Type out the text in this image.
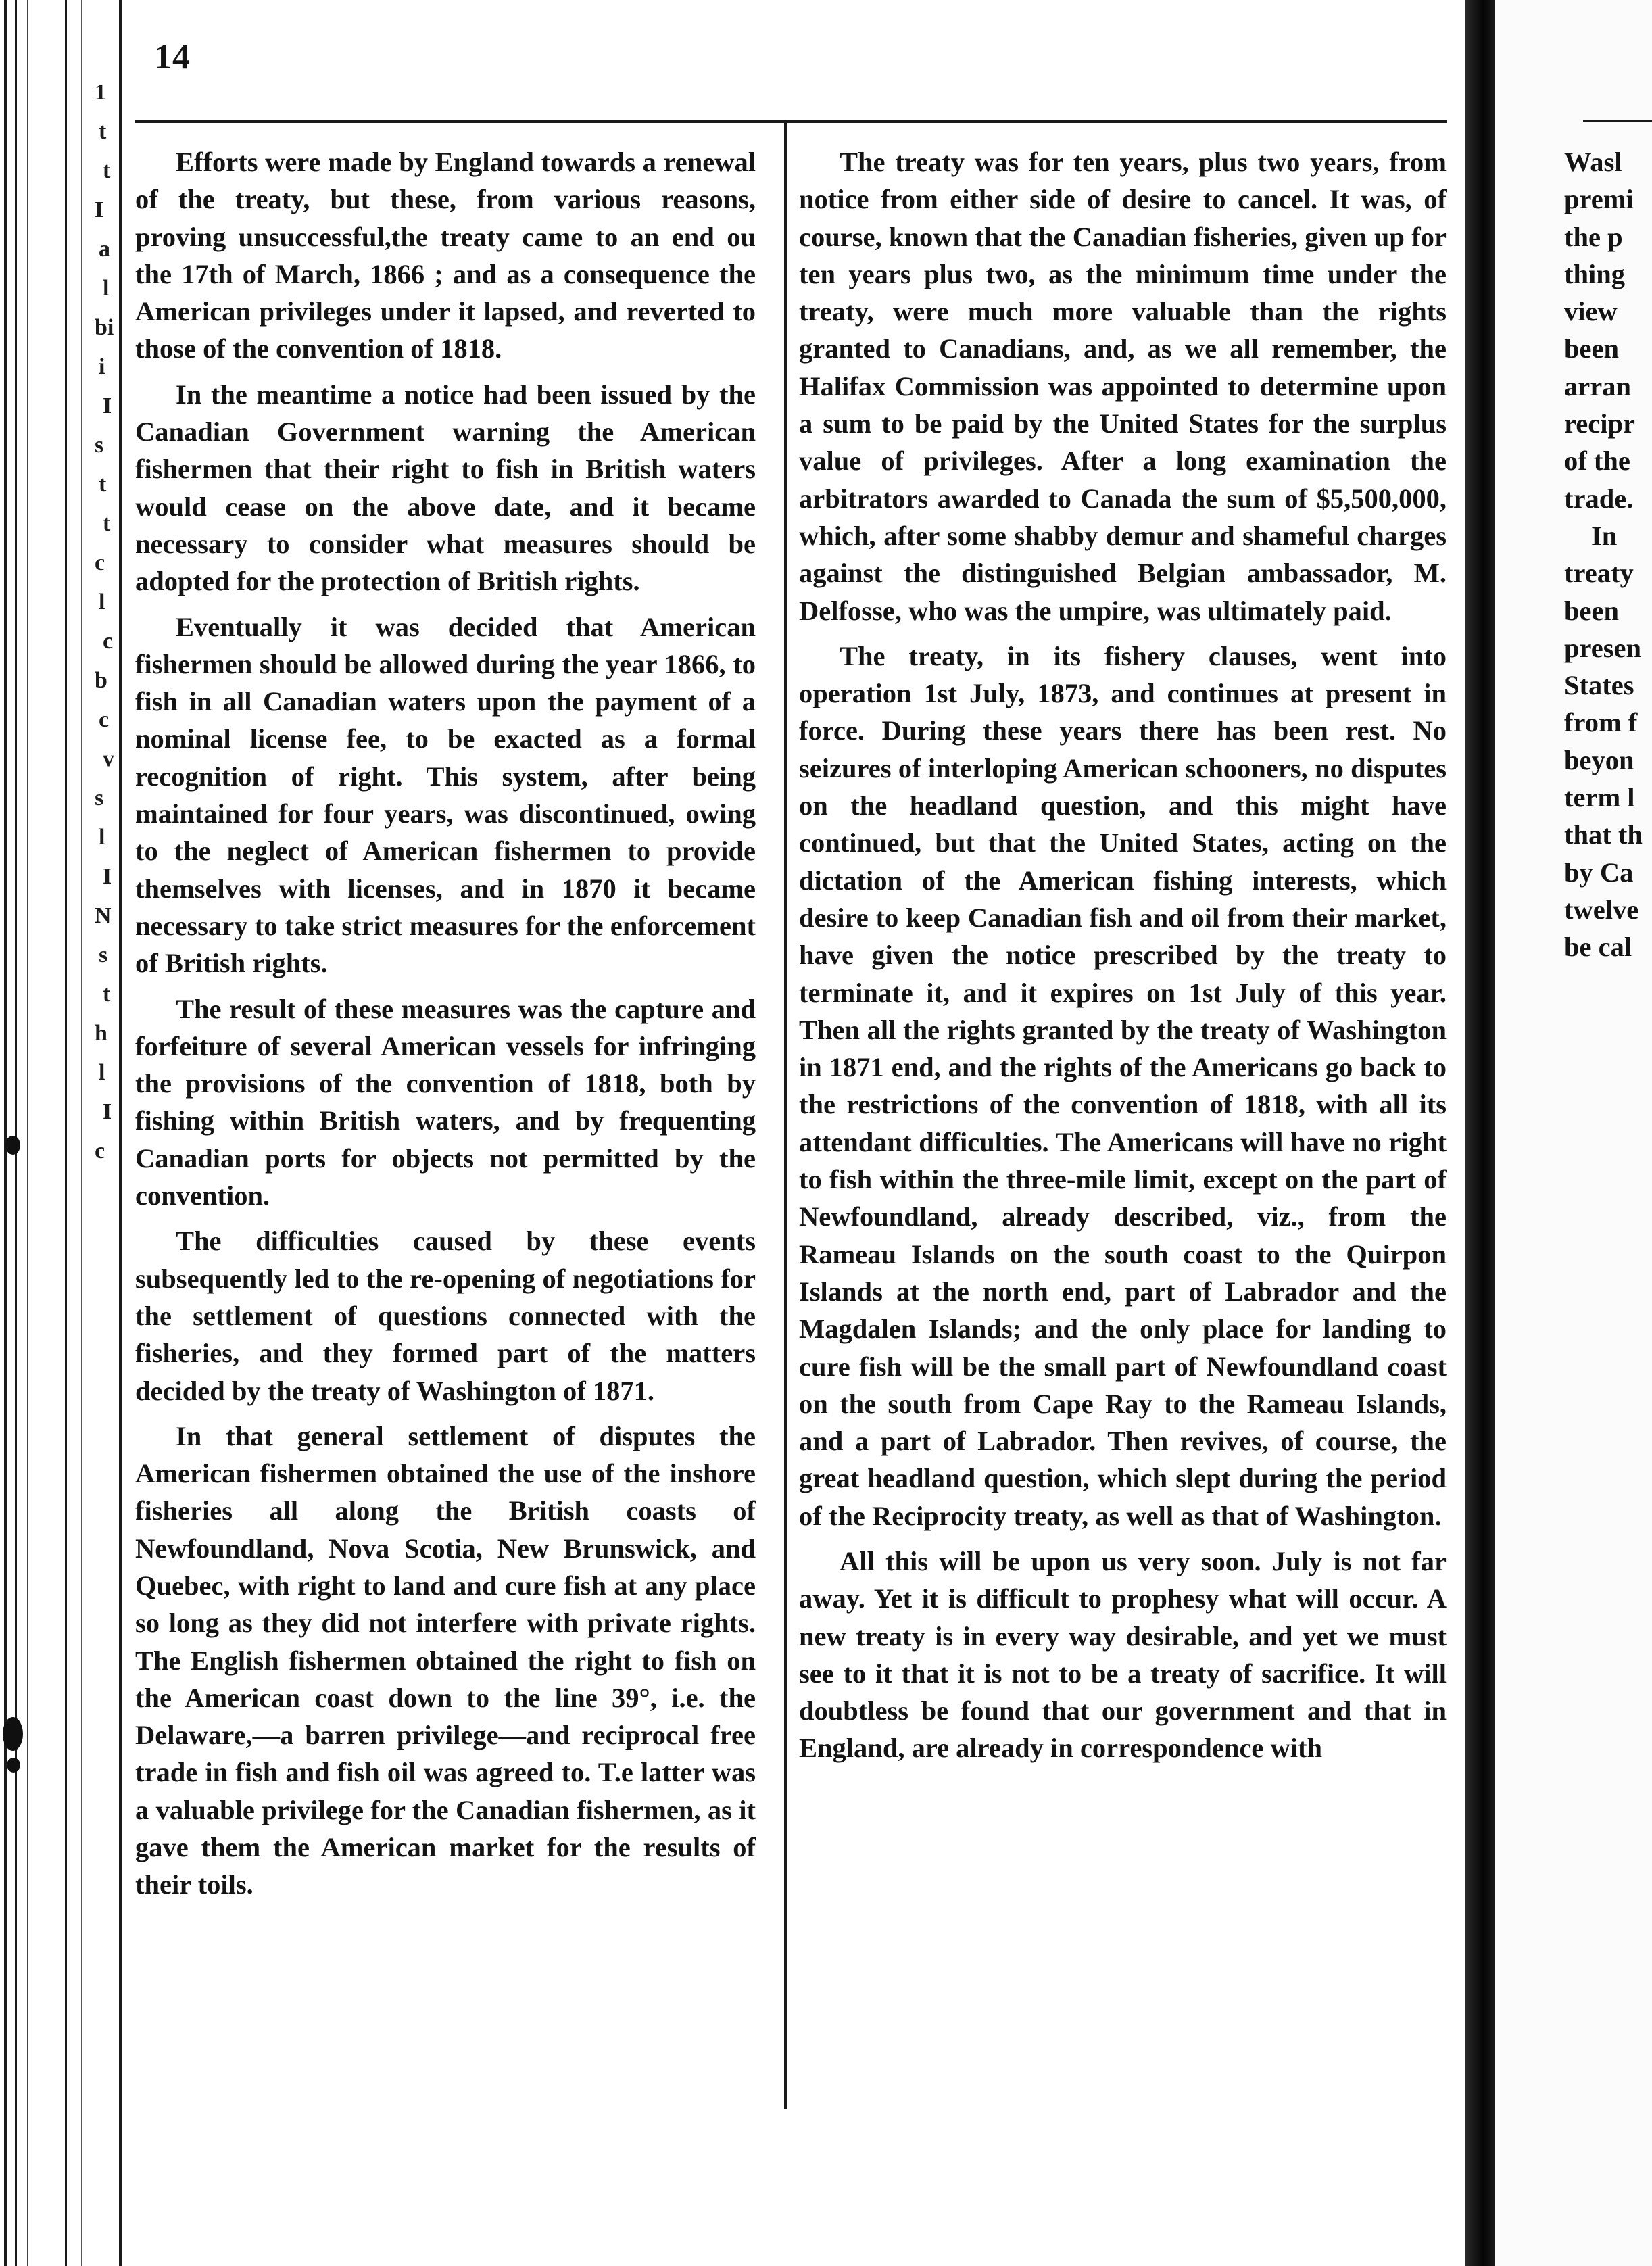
1
t
t
I
a
l
bi
i
I
s
t
t
c
l
c
b
c
v
s
l
I
N
s
t
h
l
I
c
14

Efforts were made by England towards a renewal of the treaty, but these, from various reasons, proving unsuccessful,the treaty came to an end ou the 17th of March, 1866 ; and as a consequence the American privileges under it lapsed, and reverted to those of the convention of 1818.

In the meantime a notice had been issued by the Canadian Government warning the American fishermen that their right to fish in British waters would cease on the above date, and it became necessary to consider what measures should be adopted for the protection of British rights.

Eventually it was decided that American fishermen should be allowed during the year 1866, to fish in all Canadian waters upon the payment of a nominal license fee, to be exacted as a formal recognition of right. This system, after being maintained for four years, was discontinued, owing to the neglect of American fishermen to provide themselves with licenses, and in 1870 it became necessary to take strict measures for the enforcement of British rights.

The result of these measures was the capture and forfeiture of several American vessels for infringing the provisions of the convention of 1818, both by fishing within British waters, and by frequenting Canadian ports for objects not permitted by the convention.

The difficulties caused by these events subsequently led to the re-opening of negotiations for the settlement of questions connected with the fisheries, and they formed part of the matters decided by the treaty of Washington of 1871.

In that general settlement of disputes the American fishermen obtained the use of the inshore fisheries all along the British coasts of Newfoundland, Nova Scotia, New Brunswick, and Quebec, with right to land and cure fish at any place so long as they did not interfere with private rights. The English fishermen obtained the right to fish on the American coast down to the line 39°, i.e. the Delaware,—a barren privilege—and reciprocal free trade in fish and fish oil was agreed to. T.e latter was a valuable privilege for the Canadian fishermen, as it gave them the American market for the results of their toils.

The treaty was for ten years, plus two years, from notice from either side of desire to cancel. It was, of course, known that the Canadian fisheries, given up for ten years plus two, as the minimum time under the treaty, were much more valuable than the rights granted to Canadians, and, as we all remember, the Halifax Commission was appointed to determine upon a sum to be paid by the United States for the surplus value of privileges. After a long examination the arbitrators awarded to Canada the sum of $5,500,000, which, after some shabby demur and shameful charges against the distinguished Belgian ambassador, M. Delfosse, who was the umpire, was ultimately paid.

The treaty, in its fishery clauses, went into operation 1st July, 1873, and continues at present in force. During these years there has been rest. No seizures of interloping American schooners, no disputes on the headland question, and this might have continued, but that the United States, acting on the dictation of the American fishing interests, which desire to keep Canadian fish and oil from their market, have given the notice prescribed by the treaty to terminate it, and it expires on 1st July of this year. Then all the rights granted by the treaty of Washington in 1871 end, and the rights of the Americans go back to the restrictions of the convention of 1818, with all its attendant difficulties. The Americans will have no right to fish within the three-mile limit, except on the part of Newfoundland, already described, viz., from the Rameau Islands on the south coast to the Quirpon Islands at the north end, part of Labrador and the Magdalen Islands; and the only place for landing to cure fish will be the small part of Newfoundland coast on the south from Cape Ray to the Rameau Islands, and a part of Labrador. Then revives, of course, the great headland question, which slept during the period of the Reciprocity treaty, as well as that of Washington.

All this will be upon us very soon. July is not far away. Yet it is difficult to prophesy what will occur. A new treaty is in every way desirable, and yet we must see to it that it is not to be a treaty of sacrifice. It will doubtless be found that our government and that in England, are already in correspondence with

Wasl
premi
the p
thing
view
been
arran
recipr
of the
trade.
In
treaty
been
presen
States
from f
beyon
term l
that th
by Ca
twelve
be cal
